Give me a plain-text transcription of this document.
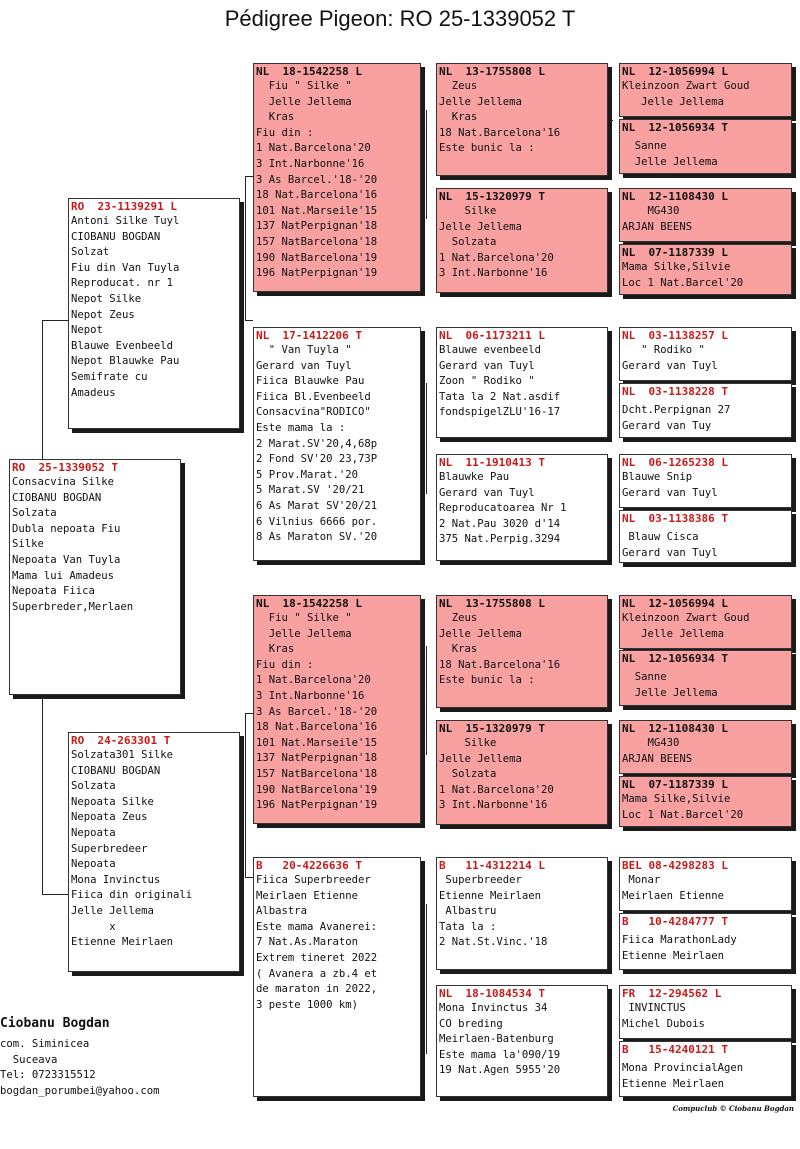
Pédigree Pigeon: RO 25-1339052 T
RO  25-1339052 T
Consacvina Silke
CIOBANU BOGDAN
Solzata
Dubla nepoata Fiu
Silke
Nepoata Van Tuyla
Mama lui Amadeus
Nepoata Fiica
Superbreder,Merlaen
RO  23-1139291 L
Antoni Silke Tuyl
CIOBANU BOGDAN
Solzat
Fiu din Van Tuyla
Reproducat. nr 1
Nepot Silke
Nepot Zeus
Nepot
Blauwe Evenbeeld
Nepot Blauwke Pau
Semifrate cu
Amadeus
RO  24-263301 T
Solzata301 Silke
CIOBANU BOGDAN
Solzata
Nepoata Silke
Nepoata Zeus
Nepoata
Superbredeer
Nepoata
Mona Invinctus
Fiica din originali
Jelle Jellema
x
Etienne Meirlaen
NL  18-1542258 L
Fiu " Silke "
Jelle Jellema
Kras
Fiu din :
1 Nat.Barcelona'20
3 Int.Narbonne'16
3 As Barcel.'18-'20
18 Nat.Barcelona'16
101 Nat.Marseile'15
137 NatPerpignan'18
157 NatBarcelona'18
190 NatBarcelona'19
196 NatPerpignan'19
NL  17-1412206 T
" Van Tuyla "
Gerard van Tuyl
Fiica Blauwke Pau
Fiica Bl.Evenbeeld
Consacvina"RODICO"
Este mama la :
2 Marat.SV'20,4,68p
2 Fond SV'20 23,73P
5 Prov.Marat.'20
5 Marat.SV '20/21
6 As Marat SV'20/21
6 Vilnius 6666 por.
8 As Maraton SV.'20
NL  18-1542258 L
Fiu " Silke "
Jelle Jellema
Kras
Fiu din :
1 Nat.Barcelona'20
3 Int.Narbonne'16
3 As Barcel.'18-'20
18 Nat.Barcelona'16
101 Nat.Marseile'15
137 NatPerpignan'18
157 NatBarcelona'18
190 NatBarcelona'19
196 NatPerpignan'19
B   20-4226636 T
Fiica Superbreeder
Meirlaen Etienne
Albastra
Este mama Avanerei:
7 Nat.As.Maraton
Extrem tineret 2022
( Avanera a zb.4 et
de maraton in 2022,
3 peste 1000 km)
NL  13-1755808 L
Zeus
Jelle Jellema
Kras
18 Nat.Barcelona'16
Este bunic la :
NL  15-1320979 T
Silke
Jelle Jellema
Solzata
1 Nat.Barcelona'20
3 Int.Narbonne'16
NL  06-1173211 L
Blauwe evenbeeld
Gerard van Tuyl
Zoon " Rodiko "
Tata la 2 Nat.asdif
fondspigelZLU'16-17
NL  11-1910413 T
Blauwke Pau
Gerard van Tuyl
Reproducatoarea Nr 1
2 Nat.Pau 3020 d'14
375 Nat.Perpig.3294
NL  13-1755808 L
Zeus
Jelle Jellema
Kras
18 Nat.Barcelona'16
Este bunic la :
NL  15-1320979 T
Silke
Jelle Jellema
Solzata
1 Nat.Barcelona'20
3 Int.Narbonne'16
B   11-4312214 L
Superbreeder
Etienne Meirlaen
Albastru
Tata la :
2 Nat.St.Vinc.'18
NL  18-1084534 T
Mona Invinctus 34
CO breding
Meirlaen-Batenburg
Este mama la'090/19
19 Nat.Agen 5955'20
NL  12-1056994 L
Kleinzoon Zwart Goud
Jelle Jellema
NL  12-1056934 T
Sanne
Jelle Jellema
NL  12-1108430 L
MG430
ARJAN BEENS
NL  07-1187339 L
Mama Silke,Silvie
Loc 1 Nat.Barcel'20
NL  03-1138257 L
" Rodiko "
Gerard van Tuyl
NL  03-1138228 T
Dcht.Perpignan 27
Gerard van Tuy
NL  06-1265238 L
Blauwe Snip
Gerard van Tuyl
NL  03-1138386 T
Blauw Cisca
Gerard van Tuyl
NL  12-1056994 L
Kleinzoon Zwart Goud
Jelle Jellema
NL  12-1056934 T
Sanne
Jelle Jellema
NL  12-1108430 L
MG430
ARJAN BEENS
NL  07-1187339 L
Mama Silke,Silvie
Loc 1 Nat.Barcel'20
BEL 08-4298283 L
Monar
Meirlaen Etienne
B   10-4284777 T
Fiica MarathonLady
Etienne Meirlaen
FR  12-294562 L
INVINCTUS
Michel Dubois
B   15-4240121 T
Mona ProvincialAgen
Etienne Meirlaen
Ciobanu Bogdan
com. Siminicea
Suceava
Tel: 0723315512
bogdan_porumbei@yahoo.com
Compuclub © Ciobanu Bogdan
